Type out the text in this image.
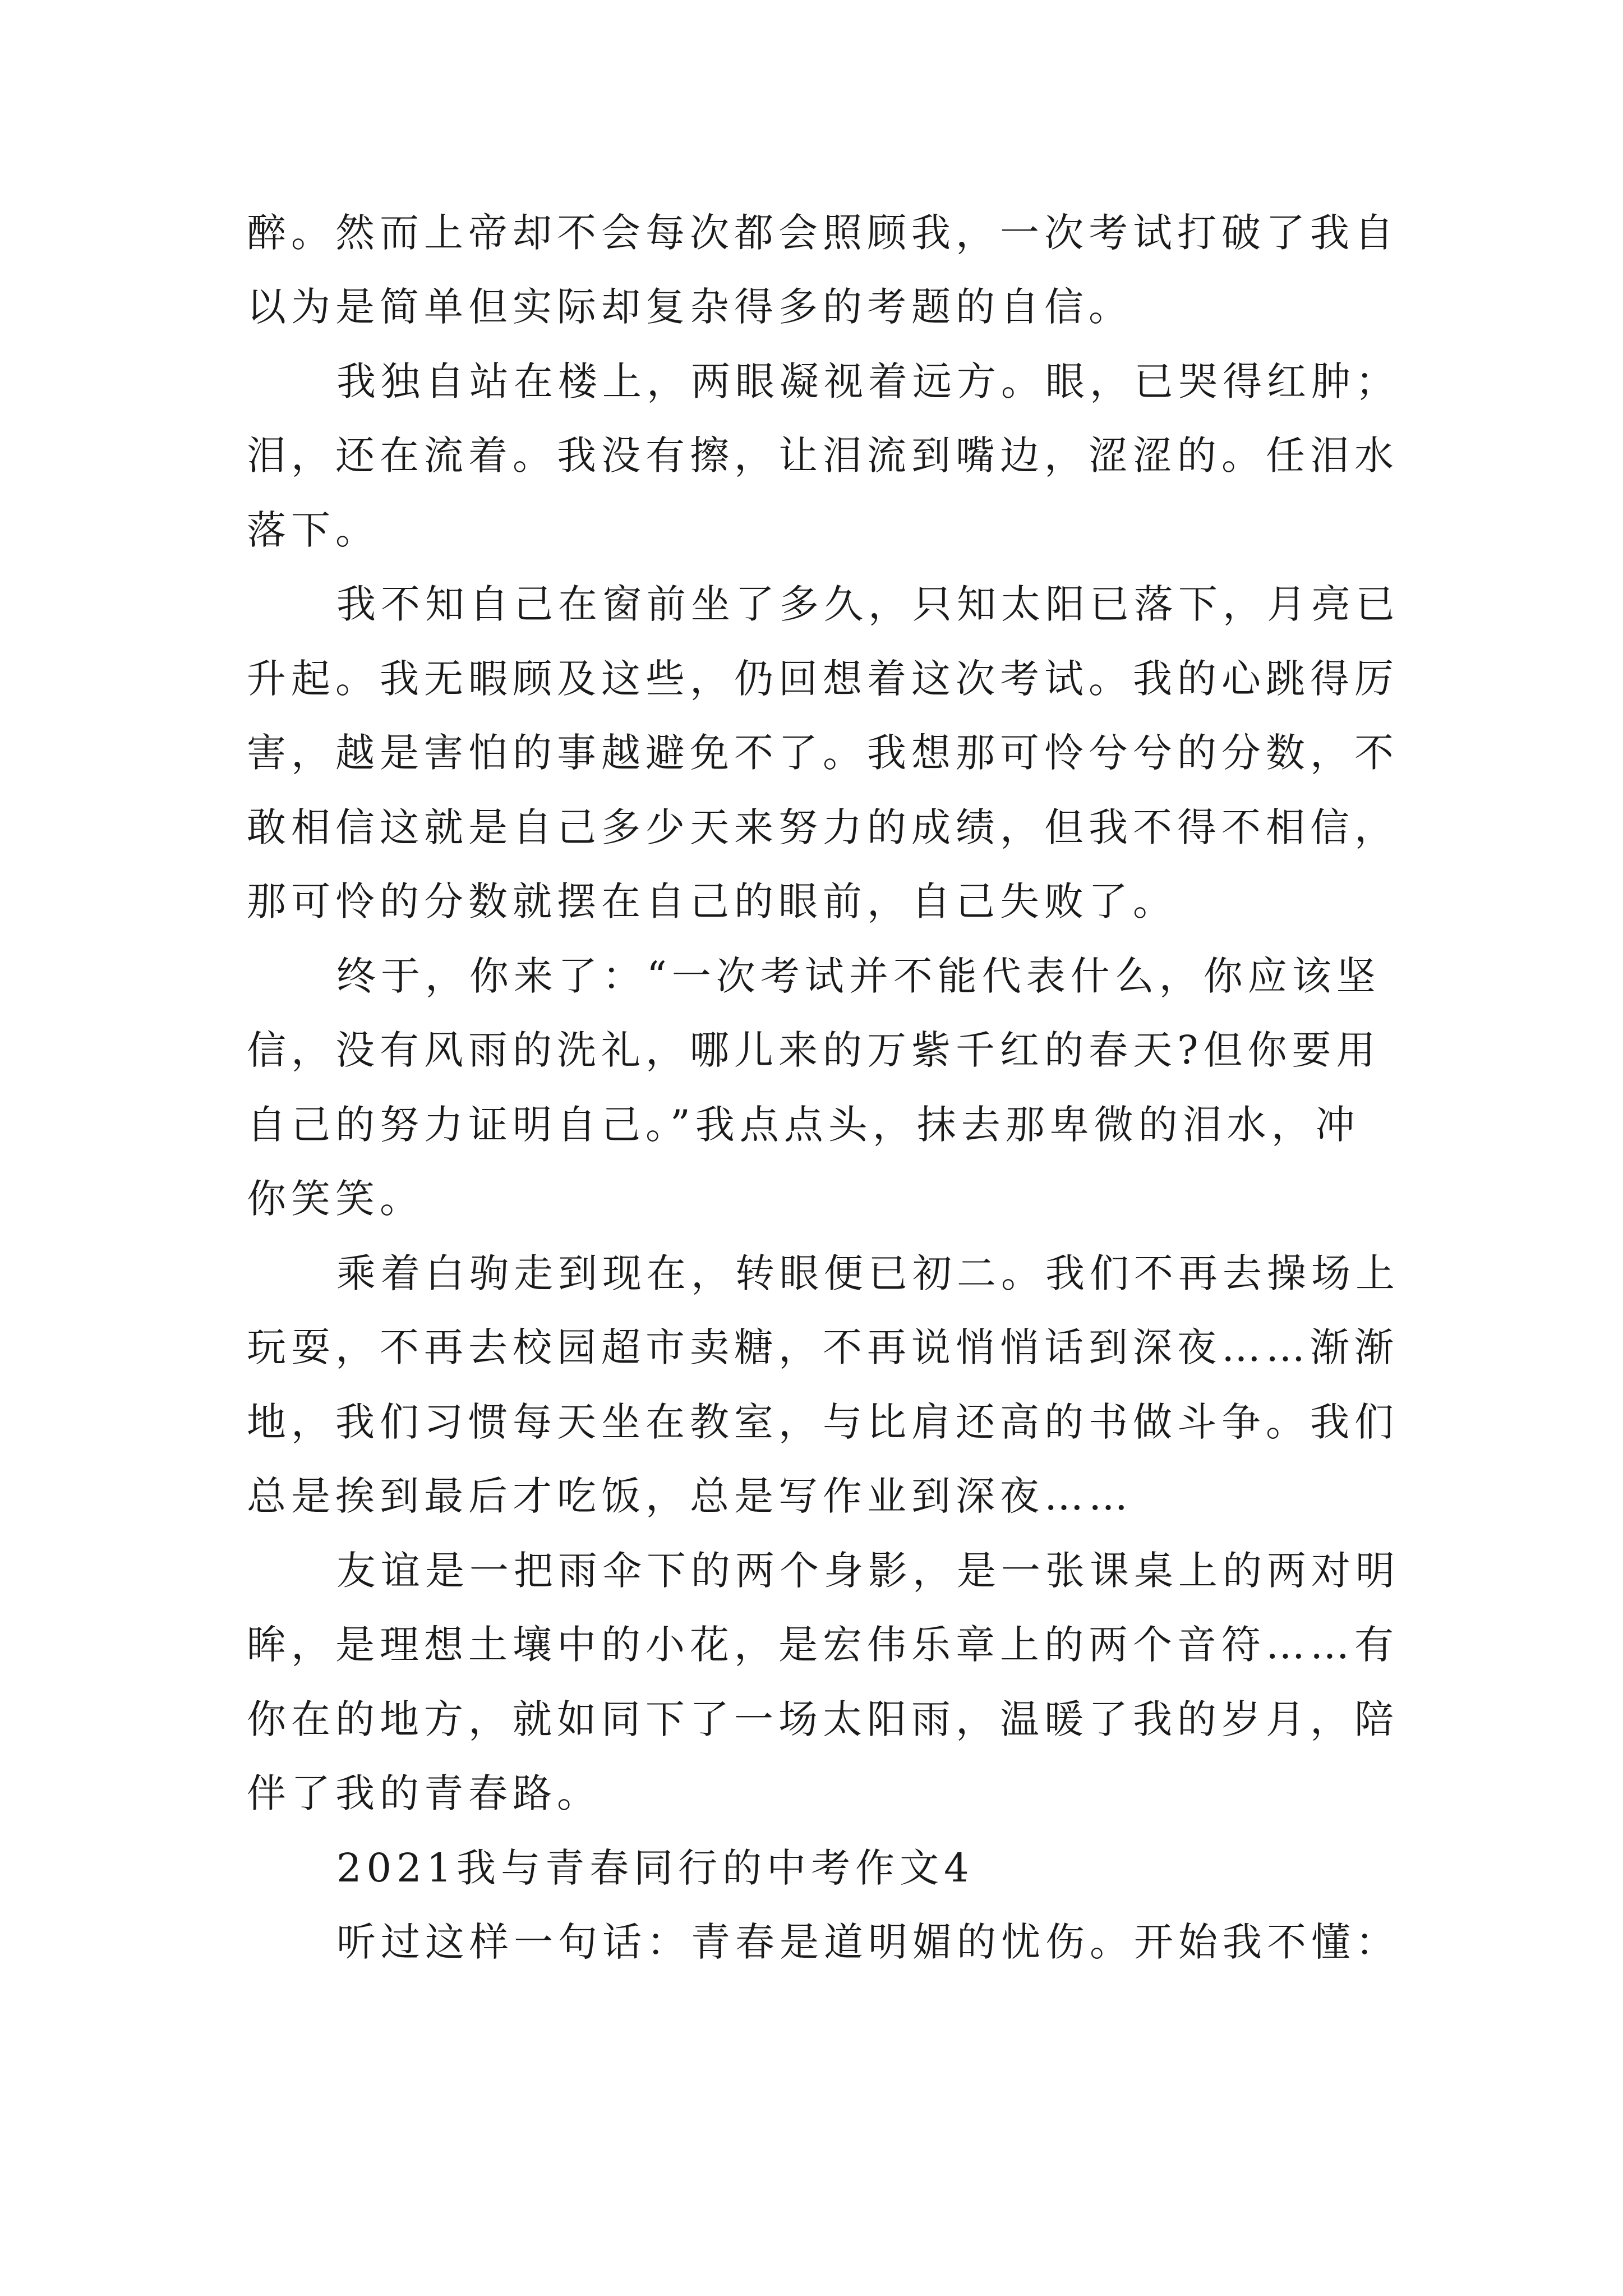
醉。然而上帝却不会每次都会照顾我，一次考试打破了我自
以为是简单但实际却复杂得多的考题的自信。
我独自站在楼上，两眼凝视着远方。眼，已哭得红肿；
泪，还在流着。我没有擦，让泪流到嘴边，涩涩的。任泪水
落下。
我不知自己在窗前坐了多久，只知太阳已落下，月亮已
升起。我无暇顾及这些，仍回想着这次考试。我的心跳得厉
害，越是害怕的事越避免不了。我想那可怜兮兮的分数，不
敢相信这就是自己多少天来努力的成绩，但我不得不相信，
那可怜的分数就摆在自己的眼前，自己失败了。
终于，你来了：“一次考试并不能代表什么，你应该坚
信，没有风雨的洗礼，哪儿来的万紫千红的春天?但你要用
自己的努力证明自己。”我点点头，抹去那卑微的泪水，冲
你笑笑。
乘着白驹走到现在，转眼便已初二。我们不再去操场上
玩耍，不再去校园超市卖糖，不再说悄悄话到深夜……渐渐
地，我们习惯每天坐在教室，与比肩还高的书做斗争。我们
总是挨到最后才吃饭，总是写作业到深夜……
友谊是一把雨伞下的两个身影，是一张课桌上的两对明
眸，是理想土壤中的小花，是宏伟乐章上的两个音符……有
你在的地方，就如同下了一场太阳雨，温暖了我的岁月，陪
伴了我的青春路。
2021我与青春同行的中考作文4
听过这样一句话：青春是道明媚的忧伤。开始我不懂：
